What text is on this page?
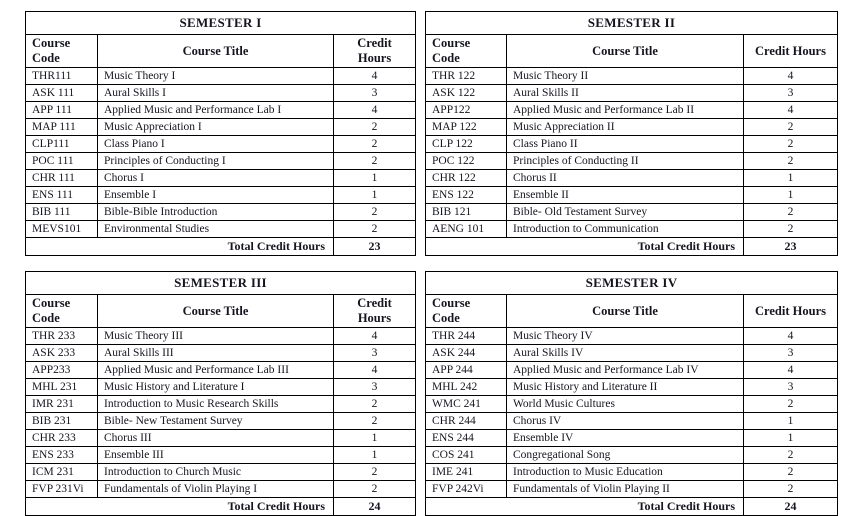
SEMESTER I		
Course Code	Course Title	Credit Hours
THR111	Music Theory I	4
ASK 111	Aural Skills I	3
APP 111	Applied Music and Performance Lab I	4
MAP 111	Music Appreciation I	2
CLP111	Class Piano I	2
POC 111	Principles of Conducting I	2
CHR 111	Chorus I	1
ENS 111	Ensemble I	1
BIB 111	Bible-Bible Introduction	2
MEVS101	Environmental Studies	2
Total Credit Hours		23
SEMESTER II		
Course Code	Course Title	Credit Hours
THR 122	Music Theory II	4
ASK 122	Aural Skills II	3
APP122	Applied Music and Performance Lab II	4
MAP 122	Music Appreciation II	2
CLP 122	Class Piano II	2
POC 122	Principles of Conducting II	2
CHR 122	Chorus II	1
ENS 122	Ensemble II	1
BIB 121	Bible- Old Testament Survey	2
AENG 101	Introduction to Communication	2
Total Credit Hours		23
SEMESTER III		
Course Code	Course Title	Credit Hours
THR 233	Music Theory III	4
ASK 233	Aural Skills III	3
APP233	Applied Music and Performance Lab III	4
MHL 231	Music History and Literature I	3
IMR 231	Introduction to Music Research Skills	2
BIB 231	Bible- New Testament Survey	2
CHR 233	Chorus III	1
ENS 233	Ensemble III	1
ICM 231	Introduction to Church Music	2
FVP 231Vi	Fundamentals of Violin Playing I	2
Total Credit Hours		24
SEMESTER IV		
Course Code	Course Title	Credit Hours
THR 244	Music Theory IV	4
ASK 244	Aural Skills IV	3
APP 244	Applied Music and Performance Lab IV	4
MHL 242	Music History and Literature II	3
WMC 241	World Music Cultures	2
CHR 244	Chorus IV	1
ENS 244	Ensemble IV	1
COS 241	Congregational Song	2
IME 241	Introduction to Music Education	2
FVP 242Vi	Fundamentals of Violin Playing II	2
Total Credit Hours		24
